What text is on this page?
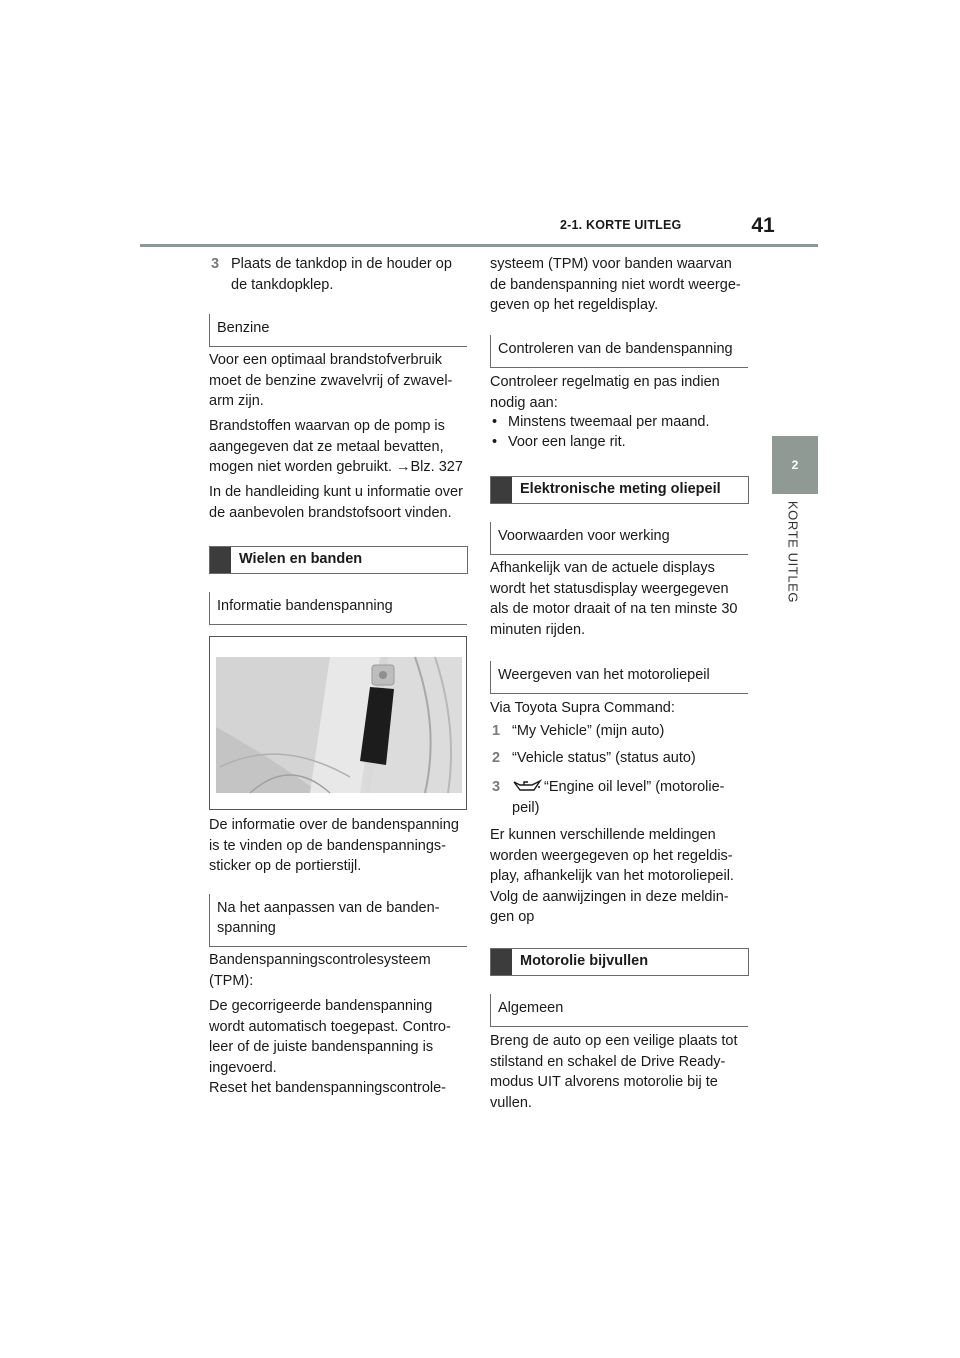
2-1. KORTE UITLEG	41
2
KORTE UITLEG
3 Plaats de tankdop in de houder op de tankdopklep.
Benzine
Voor een optimaal brandstofverbruik moet de benzine zwavelvrij of zwavel-arm zijn.
Brandstoffen waarvan op de pomp is aangegeven dat ze metaal bevatten, mogen niet worden gebruikt. →Blz. 327
In de handleiding kunt u informatie over de aanbevolen brandstofsoort vinden.
Wielen en banden
Informatie bandenspanning
De informatie over de bandenspanning is te vinden op de bandenspannings-sticker op de portierstijl.
Na het aanpassen van de banden-spanning
Bandenspanningscontrolesysteem (TPM):
De gecorrigeerde bandenspanning wordt automatisch toegepast. Contro-leer of de juiste bandenspanning is ingevoerd.
Reset het bandenspanningscontrole-
systeem (TPM) voor banden waarvan de bandenspanning niet wordt weerge-geven op het regeldisplay.
Controleren van de bandenspanning
Controleer regelmatig en pas indien nodig aan:
• Minstens tweemaal per maand.
• Voor een lange rit.
Elektronische meting oliepeil
Voorwaarden voor werking
Afhankelijk van de actuele displays wordt het statusdisplay weergegeven als de motor draait of na ten minste 30 minuten rijden.
Weergeven van het motoroliepeil
Via Toyota Supra Command:
1 “My Vehicle” (mijn auto)
2 “Vehicle status” (status auto)
3	“Engine oil level” (motorolie-peil)
Er kunnen verschillende meldingen worden weergegeven op het regeldis-play, afhankelijk van het motoroliepeil. Volg de aanwijzingen in deze meldin-gen op
Motorolie bijvullen
Algemeen
Breng de auto op een veilige plaats tot stilstand en schakel de Drive Ready-modus UIT alvorens motorolie bij te vullen.
